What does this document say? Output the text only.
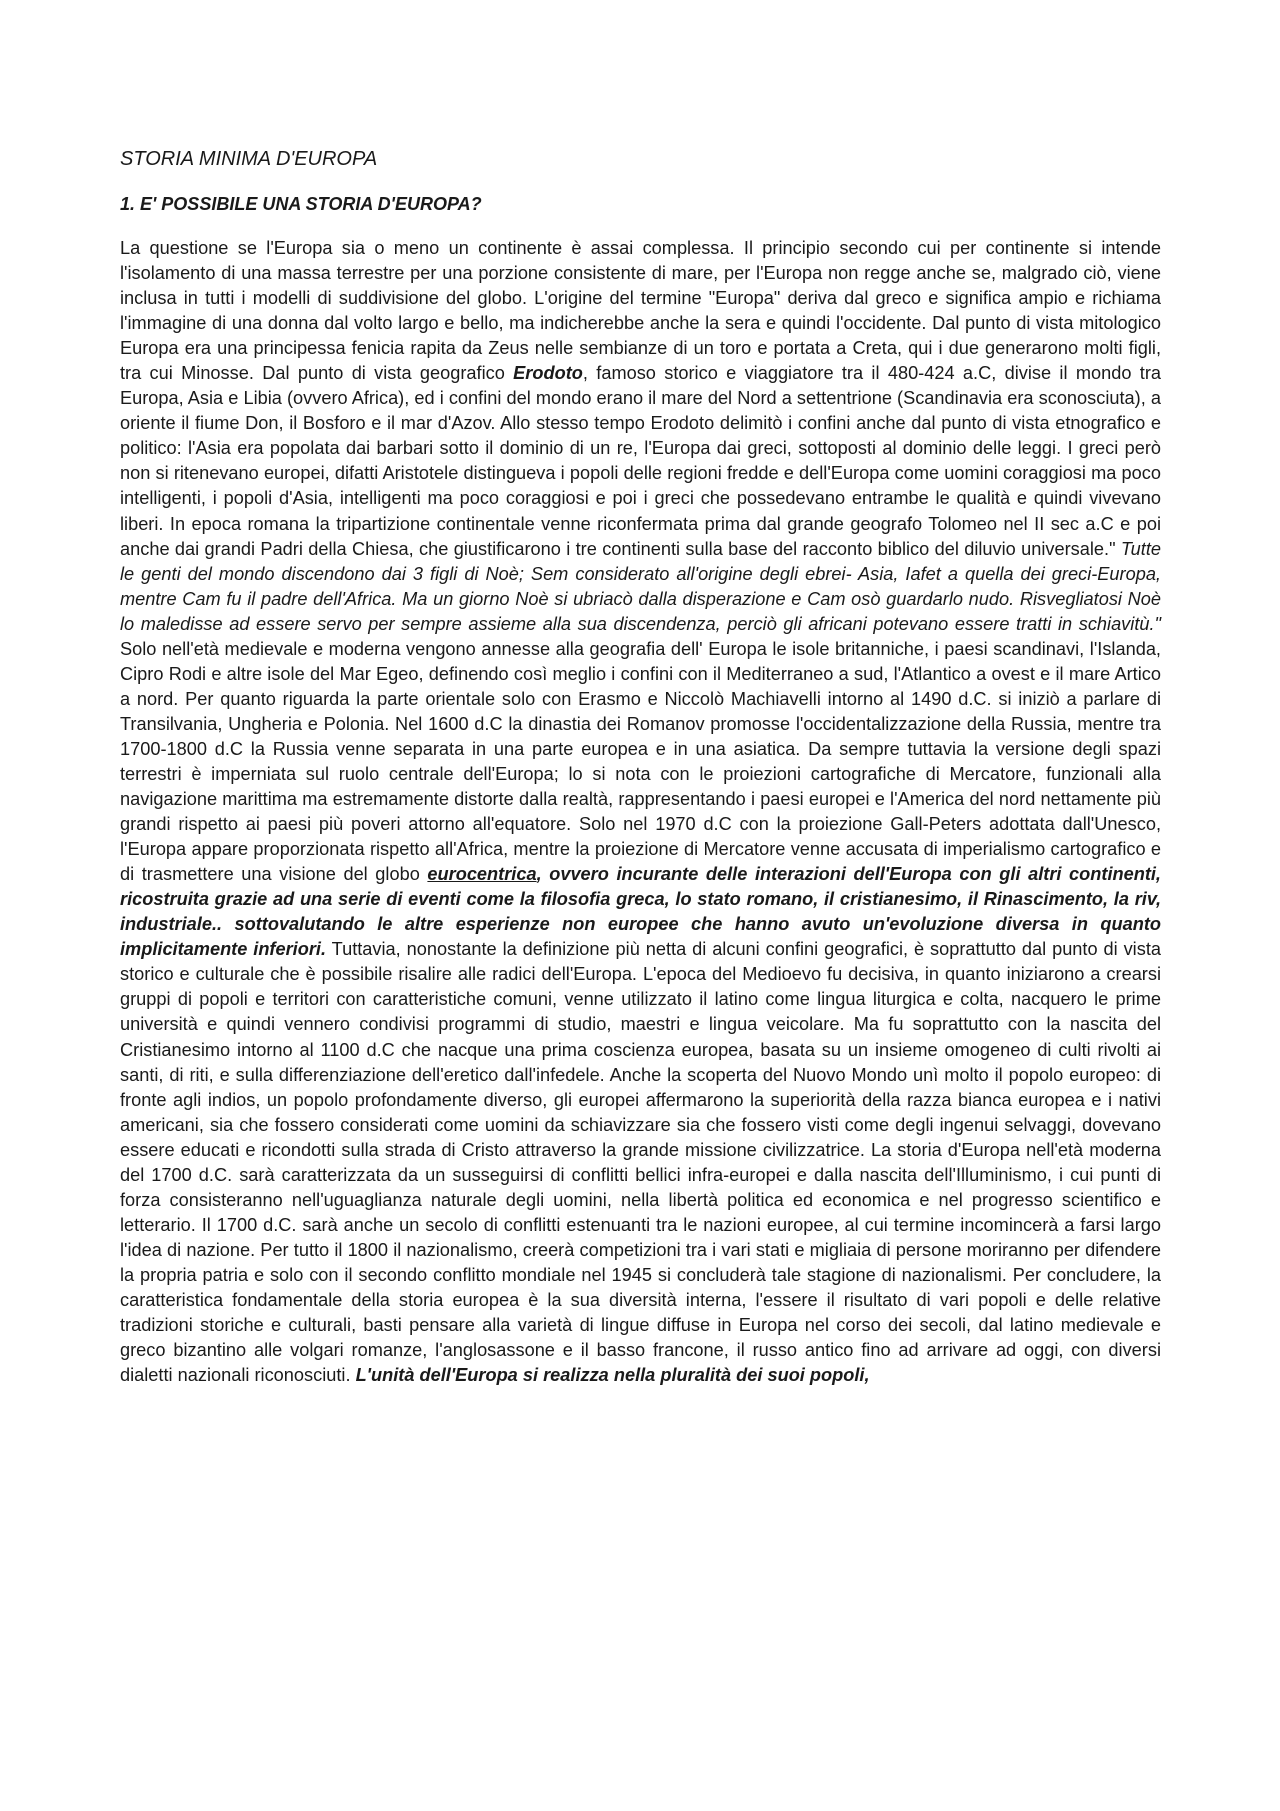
STORIA MINIMA D'EUROPA
1. E' POSSIBILE UNA STORIA D'EUROPA?

La questione se l'Europa sia o meno un continente è assai complessa. Il principio secondo cui per continente si intende l'isolamento di una massa terrestre per una porzione consistente di mare, per l'Europa non regge anche se, malgrado ciò, viene inclusa in tutti i modelli di suddivisione del globo. L'origine del termine "Europa" deriva dal greco e significa ampio e richiama l'immagine di una donna dal volto largo e bello, ma indicherebbe anche la sera e quindi l'occidente. Dal punto di vista mitologico Europa era una principessa fenicia rapita da Zeus nelle sembianze di un toro e portata a Creta, qui i due generarono molti figli, tra cui Minosse. Dal punto di vista geografico Erodoto, famoso storico e viaggiatore tra il 480-424 a.C, divise il mondo tra Europa, Asia e Libia (ovvero Africa), ed i confini del mondo erano il mare del Nord a settentrione (Scandinavia era sconosciuta), a oriente il fiume Don, il Bosforo e il mar d'Azov. Allo stesso tempo Erodoto delimitò i confini anche dal punto di vista etnografico e politico: l'Asia era popolata dai barbari sotto il dominio di un re, l'Europa dai greci, sottoposti al dominio delle leggi. I greci però non si ritenevano europei, difatti Aristotele distingueva i popoli delle regioni fredde e dell'Europa come uomini coraggiosi ma poco intelligenti, i popoli d'Asia, intelligenti ma poco coraggiosi e poi i greci che possedevano entrambe le qualità e quindi vivevano liberi. In epoca romana la tripartizione continentale venne riconfermata prima dal grande geografo Tolomeo nel II sec a.C e poi anche dai grandi Padri della Chiesa, che giustificarono i tre continenti sulla base del racconto biblico del diluvio universale." Tutte le genti del mondo discendono dai 3 figli di Noè; Sem considerato all'origine degli ebrei- Asia, Iafet a quella dei greci-Europa, mentre Cam fu il padre dell'Africa. Ma un giorno Noè si ubriacò dalla disperazione e Cam osò guardarlo nudo. Risvegliatosi Noè lo maledisse ad essere servo per sempre assieme alla sua discendenza, perciò gli africani potevano essere tratti in schiavitù." Solo nell'età medievale e moderna vengono annesse alla geografia dell' Europa le isole britanniche, i paesi scandinavi, l'Islanda, Cipro Rodi e altre isole del Mar Egeo, definendo così meglio i confini con il Mediterraneo a sud, l'Atlantico a ovest e il mare Artico a nord. Per quanto riguarda la parte orientale solo con Erasmo e Niccolò Machiavelli intorno al 1490 d.C. si iniziò a parlare di Transilvania, Ungheria e Polonia. Nel 1600 d.C la dinastia dei Romanov promosse l'occidentalizzazione della Russia, mentre tra 1700-1800 d.C la Russia venne separata in una parte europea e in una asiatica. Da sempre tuttavia la versione degli spazi terrestri è imperniata sul ruolo centrale dell'Europa; lo si nota con le proiezioni cartografiche di Mercatore, funzionali alla navigazione marittima ma estremamente distorte dalla realtà, rappresentando i paesi europei e l'America del nord nettamente più grandi rispetto ai paesi più poveri attorno all'equatore. Solo nel 1970 d.C con la proiezione Gall-Peters adottata dall'Unesco, l'Europa appare proporzionata rispetto all'Africa, mentre la proiezione di Mercatore venne accusata di imperialismo cartografico e di trasmettere una visione del globo eurocentrica, ovvero incurante delle interazioni dell'Europa con gli altri continenti, ricostruita grazie ad una serie di eventi come la filosofia greca, lo stato romano, il cristianesimo, il Rinascimento, la riv, industriale.. sottovalutando le altre esperienze non europee che hanno avuto un'evoluzione diversa in quanto implicitamente inferiori. Tuttavia, nonostante la definizione più netta di alcuni confini geografici, è soprattutto dal punto di vista storico e culturale che è possibile risalire alle radici dell'Europa. L'epoca del Medioevo fu decisiva, in quanto iniziarono a crearsi gruppi di popoli e territori con caratteristiche comuni, venne utilizzato il latino come lingua liturgica e colta, nacquero le prime università e quindi vennero condivisi programmi di studio, maestri e lingua veicolare. Ma fu soprattutto con la nascita del Cristianesimo intorno al 1100 d.C che nacque una prima coscienza europea, basata su un insieme omogeneo di culti rivolti ai santi, di riti, e sulla differenziazione dell'eretico dall'infedele. Anche la scoperta del Nuovo Mondo unì molto il popolo europeo: di fronte agli indios, un popolo profondamente diverso, gli europei affermarono la superiorità della razza bianca europea e i nativi americani, sia che fossero considerati come uomini da schiavizzare sia che fossero visti come degli ingenui selvaggi, dovevano essere educati e ricondotti sulla strada di Cristo attraverso la grande missione civilizzatrice. La storia d'Europa nell'età moderna del 1700 d.C. sarà caratterizzata da un susseguirsi di conflitti bellici infra-europei e dalla nascita dell'Illuminismo, i cui punti di forza consisteranno nell'uguaglianza naturale degli uomini, nella libertà politica ed economica e nel progresso scientifico e letterario. Il 1700 d.C. sarà anche un secolo di conflitti estenuanti tra le nazioni europee, al cui termine incomincerà a farsi largo l'idea di nazione. Per tutto il 1800 il nazionalismo, creerà competizioni tra i vari stati e migliaia di persone moriranno per difendere la propria patria e solo con il secondo conflitto mondiale nel 1945 si concluderà tale stagione di nazionalismi. Per concludere, la caratteristica fondamentale della storia europea è la sua diversità interna, l'essere il risultato di vari popoli e delle relative tradizioni storiche e culturali, basti pensare alla varietà di lingue diffuse in Europa nel corso dei secoli, dal latino medievale e greco bizantino alle volgari romanze, l'anglosassone e il basso francone, il russo antico fino ad arrivare ad oggi, con diversi dialetti nazionali riconosciuti. L'unità dell'Europa si realizza nella pluralità dei suoi popoli,
